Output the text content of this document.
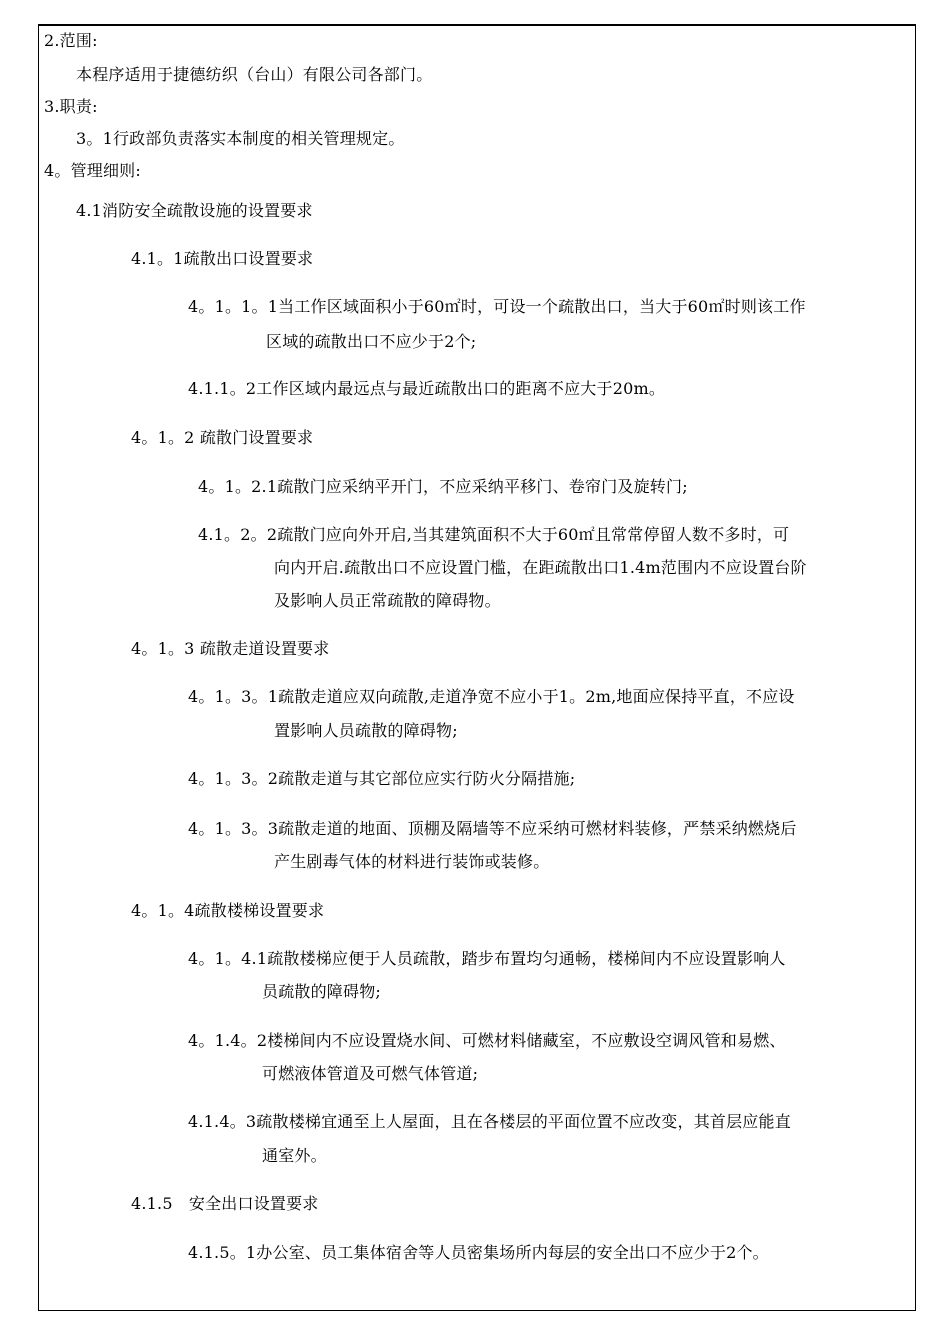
2.范围:
本程序适用于捷德纺织（台山）有限公司各部门。
3.职责:
3。1行政部负责落实本制度的相关管理规定。
4。管理细则:
4.1消防安全疏散设施的设置要求
4.1。1疏散出口设置要求
4。1。1。1当工作区域面积小于60㎡时，可设一个疏散出口，当大于60㎡时则该工作
区域的疏散出口不应少于2个;
4.1.1。2工作区域内最远点与最近疏散出口的距离不应大于20m。
4。1。2 疏散门设置要求
4。1。2.1疏散门应采纳平开门，不应采纳平移门、卷帘门及旋转门;
4.1。2。2疏散门应向外开启,当其建筑面积不大于60㎡且常常停留人数不多时，可
向内开启.疏散出口不应设置门槛，在距疏散出口1.4m范围内不应设置台阶
及影响人员正常疏散的障碍物。
4。1。3 疏散走道设置要求
4。1。3。1疏散走道应双向疏散,走道净宽不应小于1。2m,地面应保持平直，不应设
置影响人员疏散的障碍物;
4。1。3。2疏散走道与其它部位应实行防火分隔措施;
4。1。3。3疏散走道的地面、顶棚及隔墙等不应采纳可燃材料装修，严禁采纳燃烧后
产生剧毒气体的材料进行装饰或装修。
4。1。4疏散楼梯设置要求
4。1。4.1疏散楼梯应便于人员疏散，踏步布置均匀通畅，楼梯间内不应设置影响人
员疏散的障碍物;
4。1.4。2楼梯间内不应设置烧水间、可燃材料储藏室，不应敷设空调风管和易燃、
可燃液体管道及可燃气体管道;
4.1.4。3疏散楼梯宜通至上人屋面，且在各楼层的平面位置不应改变，其首层应能直
通室外。
4.1.5　安全出口设置要求
4.1.5。1办公室、员工集体宿舍等人员密集场所内每层的安全出口不应少于2个。
